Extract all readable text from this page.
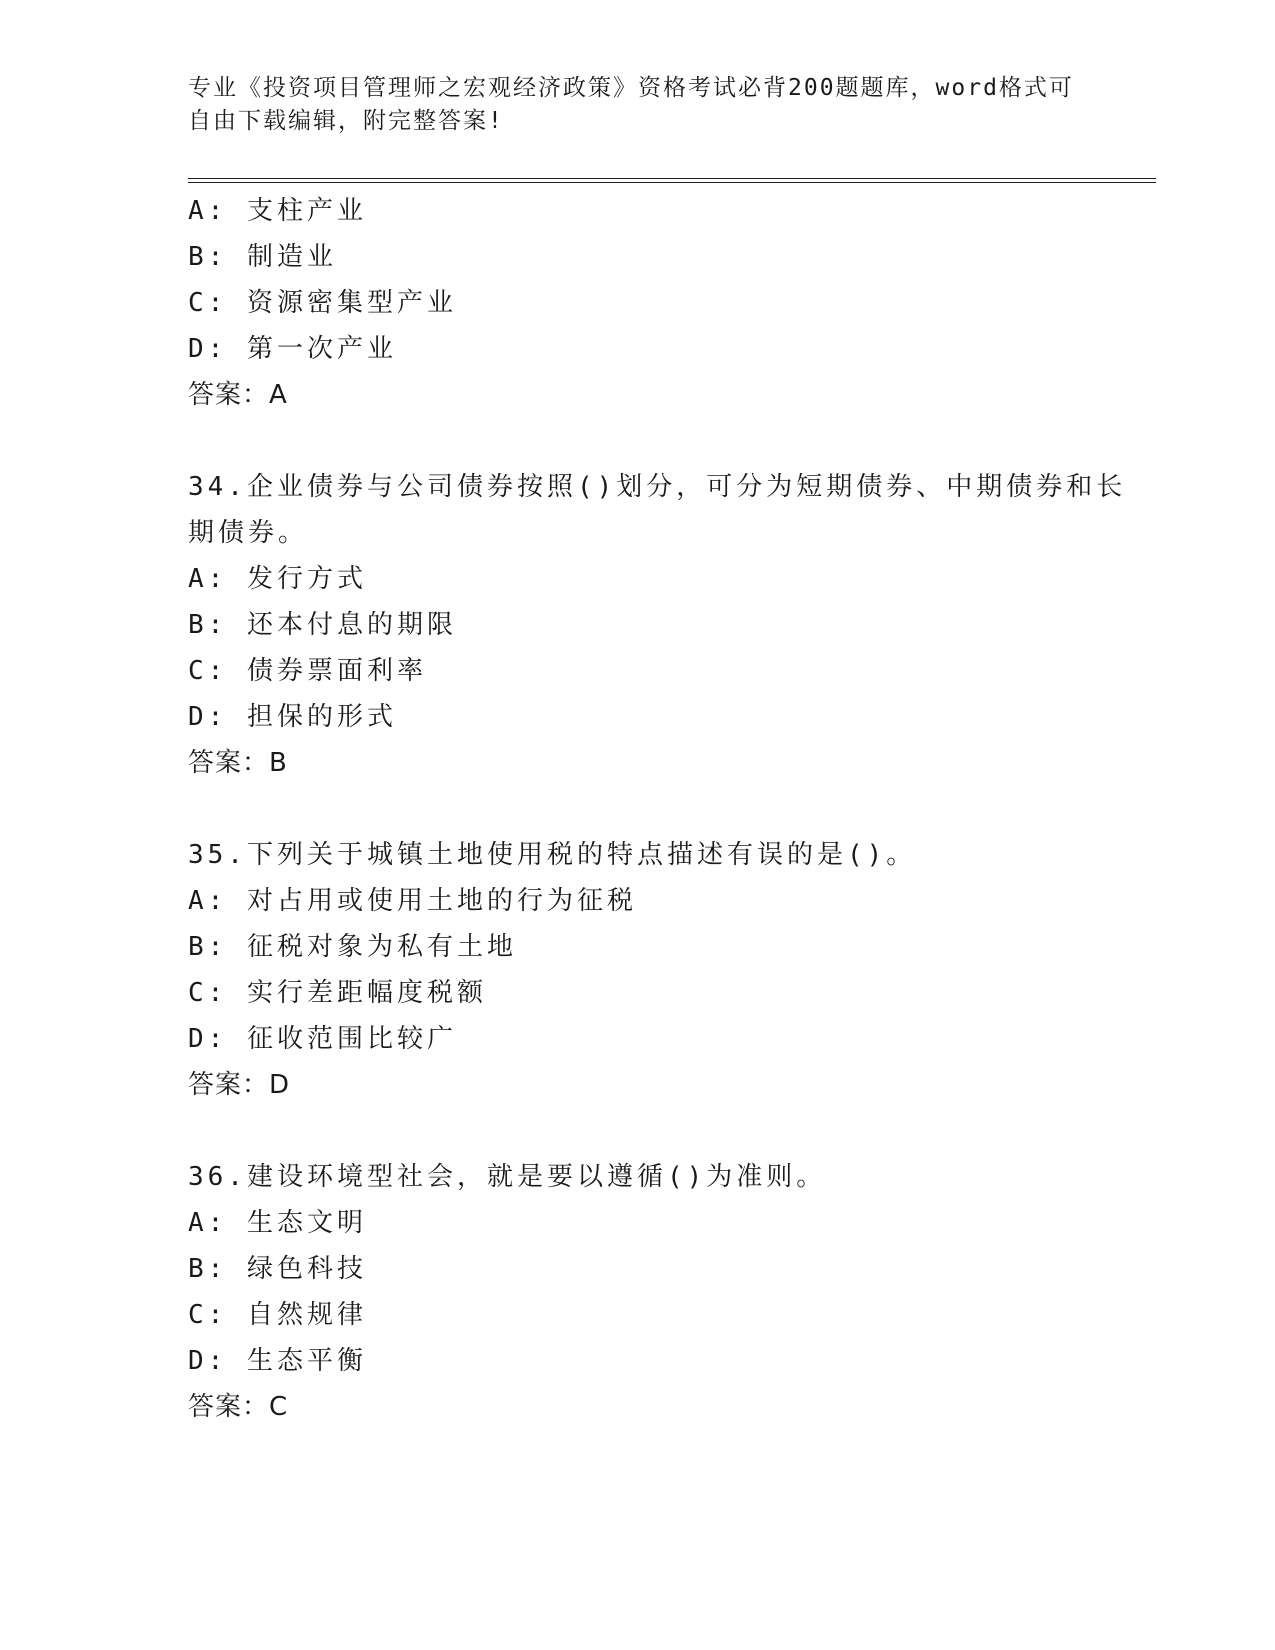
专业《投资项目管理师之宏观经济政策》资格考试必背200题题库，word格式可
自由下载编辑，附完整答案!
A: 支柱产业
B: 制造业
C: 资源密集型产业
D: 第一次产业
答案：A
34.企业债券与公司债券按照()划分，可分为短期债券、中期债券和长
期债券。
A: 发行方式
B: 还本付息的期限
C: 债券票面利率
D: 担保的形式
答案：B
35.下列关于城镇土地使用税的特点描述有误的是()。
A: 对占用或使用土地的行为征税
B: 征税对象为私有土地
C: 实行差距幅度税额
D: 征收范围比较广
答案：D
36.建设环境型社会，就是要以遵循()为准则。
A: 生态文明
B: 绿色科技
C: 自然规律
D: 生态平衡
答案：C
